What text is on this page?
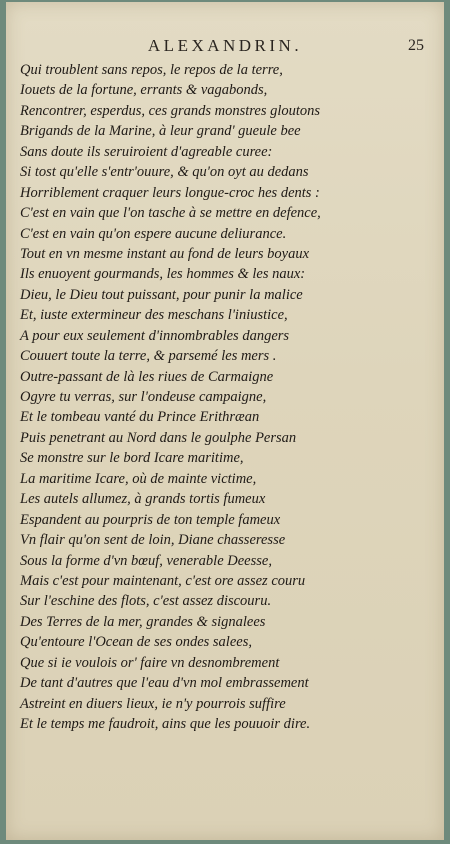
ALEXANDRIN.	25
Qui troublent sans repos, le repos de la terre,
Iouets de la fortune, errants & vagabonds,
Rencontrer, esperdus, ces grands monstres gloutons
Brigands de la Marine, à leur grand' gueule bee
Sans doute ils seruiroient d'agreable curee:
Si tost qu'elle s'entr'ouure, & qu'on oyt au dedans
Horriblement craquer leurs longue-croc hes dents :
C'est en vain que l'on tasche à se mettre en defence,
C'est en vain qu'on espere aucune deliurance.
Tout en vn mesme instant au fond de leurs boyaux
Ils enuoyent gourmands, les hommes & les naux:
Dieu, le Dieu tout puissant, pour punir la malice
Et, iuste extermineur des meschans l'iniustice,
A pour eux seulement d'innombrables dangers
Couuert toute la terre, & parsemé les mers .
Outre-passant de là les riues de Carmaigne
Ogyre tu verras, sur l'ondeuse campaigne,
Et le tombeau vanté du Prince Erithræan
Puis penetrant au Nord dans le goulphe Persan
Se monstre sur le bord Icare maritime,
La maritime Icare, où de mainte victime,
Les autels allumez, à grands tortis fumeux
Espandent au pourpris de ton temple fameux
Vn flair qu'on sent de loin, Diane chasseresse
Sous la forme d'vn bœuf, venerable Deesse,
Mais c'est pour maintenant, c'est ore assez couru
Sur l'eschine des flots, c'est assez discouru.
Des Terres de la mer, grandes & signalees
Qu'entoure l'Ocean de ses ondes salees,
Que si ie voulois or' faire vn desnombrement
De tant d'autres que l'eau d'vn mol embrassement
Astreint en diuers lieux, ie n'y pourrois suffire
Et le temps me faudroit, ains que les pouuoir dire.
